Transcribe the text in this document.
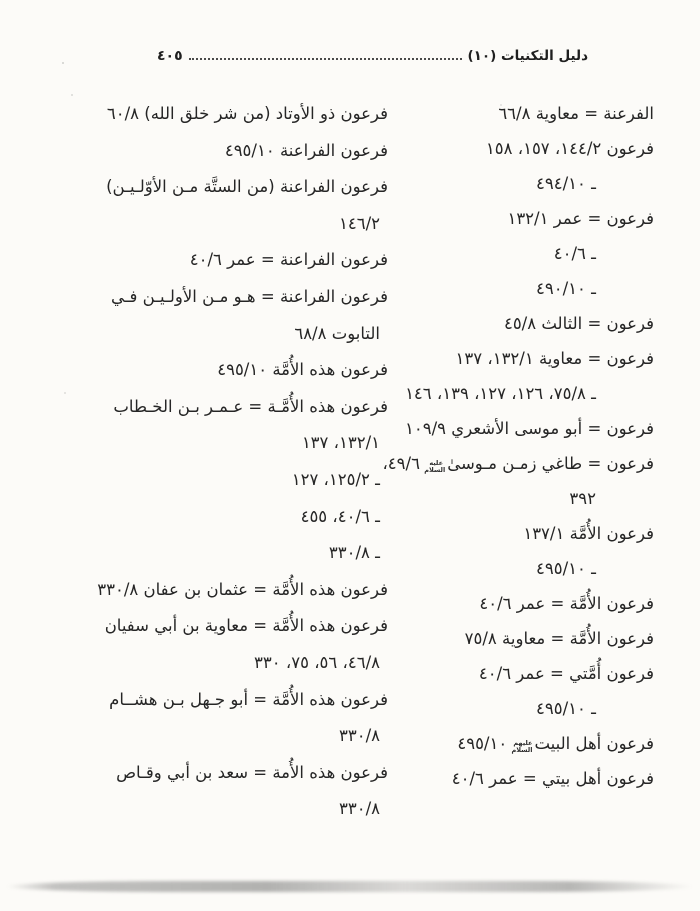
دليل التكنيات (١٠)
٤٠٥
الفرعنة = معاوية ٦٦/٨
فرعون ١٤٤/٢، ١٥٧، ١٥٨
ـ ٤٩٤/١٠
فرعون = عمر ١٣٢/١
ـ ٤٠/٦
ـ ٤٩٠/١٠
فرعون = الثالث ٤٥/٨
فرعون = معاوية ١٣٢/١، ١٣٧
ـ ٧٥/٨، ١٢٦، ١٢٧، ١٣٩، ١٤٦
فرعون = أبو موسى الأشعري ١٠٩/٩
فرعون = طاغي زمـن مـوسىٰعليه السلام ٤٩/٦،
٣٩٢
فرعون الأُمَّة ١٣٧/١
ـ ٤٩٥/١٠
فرعون الأُمَّة = عمر ٤٠/٦
فرعون الأُمَّة = معاوية ٧٥/٨
فرعون أُمَّتي = عمر ٤٠/٦
ـ ٤٩٥/١٠
فرعون أهل البيتعليهم السلام ٤٩٥/١٠
فرعون أهل بيتي = عمر ٤٠/٦
فرعون ذو الأوتاد (من شر خلق الله) ٦٠/٨
فرعون الفراعنة ٤٩٥/١٠
فرعون الفراعنة (من الستَّة مـن الأوّلـيـن)
١٤٦/٢
فرعون الفراعنة = عمر ٤٠/٦
فرعون الفراعنة = هـو مـن الأولـيـن فـي
التابوت ٦٨/٨
فرعون هذه الأُمَّة ٤٩٥/١٠
فرعون هذه الأُمَّـة = عـمـر بـن الخـطاب
١٣٢/١، ١٣٧
ـ ١٢٥/٢، ١٢٧
ـ ٤٠/٦، ٤٥٥
ـ ٣٣٠/٨
فرعون هذه الأُمَّة = عثمان بن عفان ٣٣٠/٨
فرعون هذه الأُمَّة = معاوية بن أبي سفيان
٤٦/٨، ٥٦، ٧٥، ٣٣٠
فرعون هذه الأُمَّة = أبو جـهل بـن هشــام
٣٣٠/٨
فرعون هذه الأُمة = سعد بن أبي وقـاص
٣٣٠/٨
